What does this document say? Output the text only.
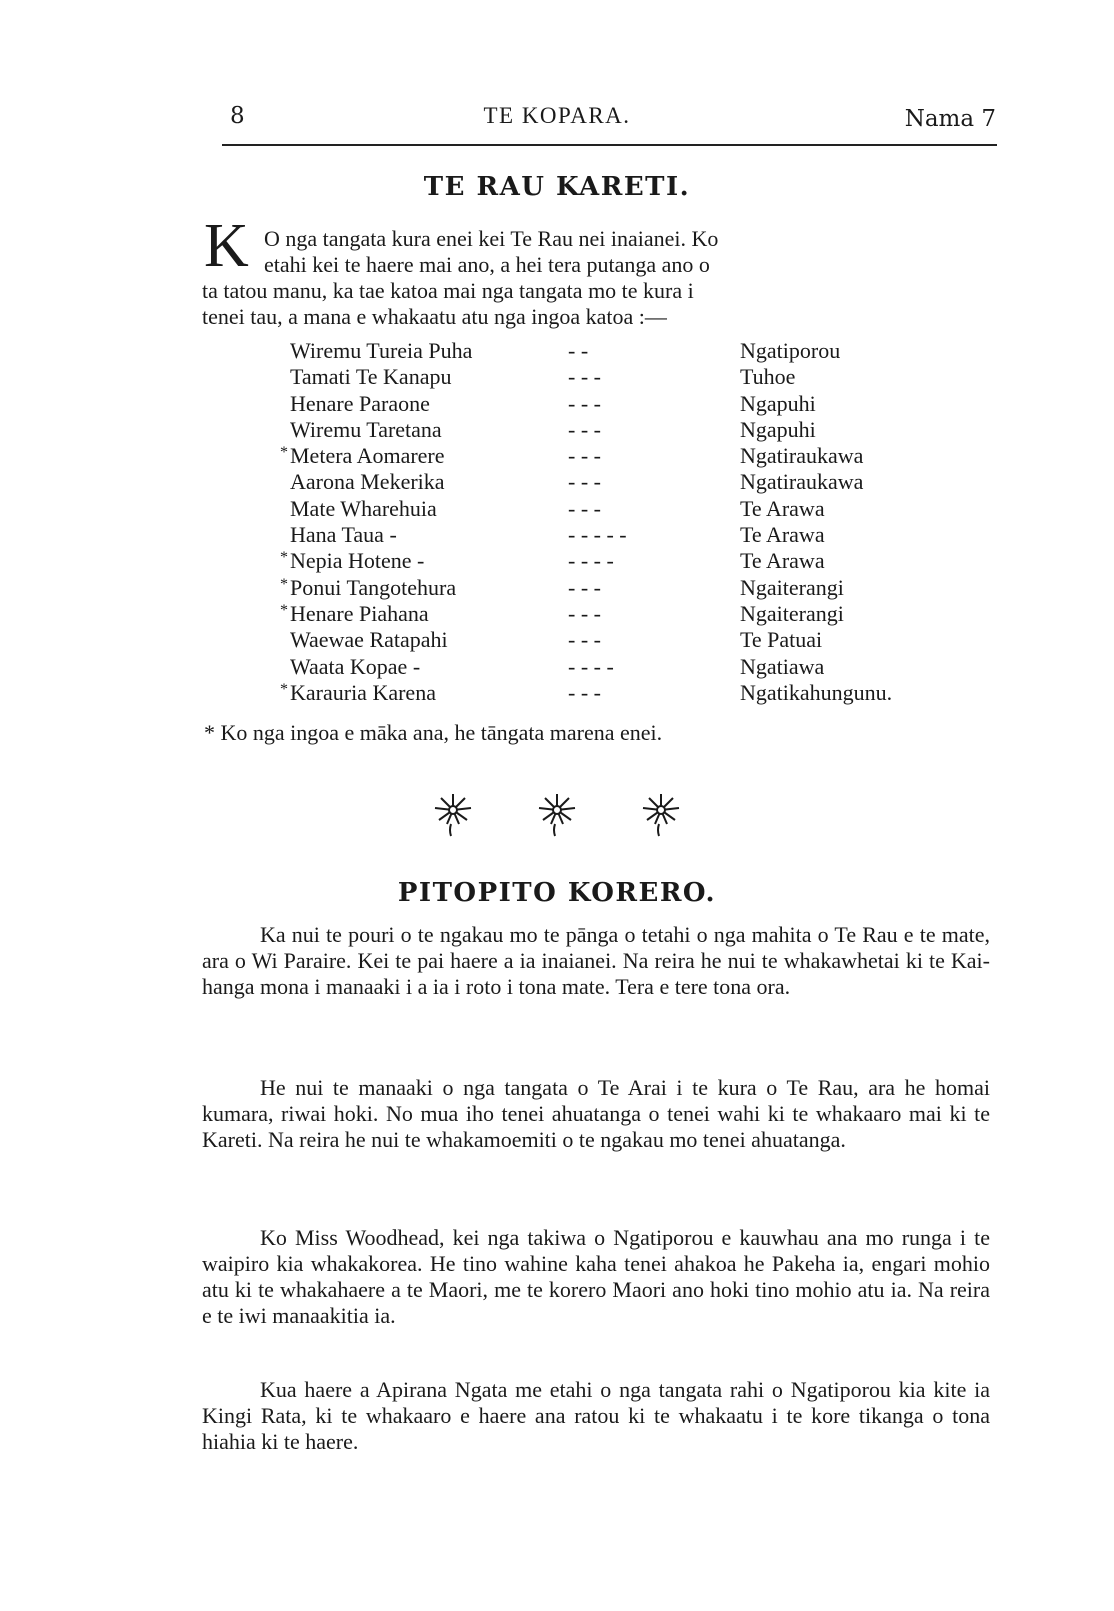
8	TE KOPARA.	Nama 7
TE RAU KARETI.
K O nga tangata kura enei kei Te Rau nei inaianei. Ko
etahi kei te haere mai ano, a hei tera putanga ano o
ta tatou manu, ka tae katoa mai nga tangata mo te kura i
tenei tau, a mana e whakaatu atu nga ingoa katoa :—
Wiremu Tureia Puha	- -	Ngatiporou
Tamati Te Kanapu	- - -	Tuhoe
Henare Paraone	- - -	Ngapuhi
Wiremu Taretana	- - -	Ngapuhi
* Metera Aomarere	- - -	Ngatiraukawa
Aarona Mekerika	- - -	Ngatiraukawa
Mate Wharehuia	- - -	Te Arawa
Hana Taua -	- - - - -	Te Arawa
* Nepia Hotene -	- - - -	Te Arawa
* Ponui Tangotehura	- - -	Ngaiterangi
* Henare Piahana	- - -	Ngaiterangi
Waewae Ratapahi	- - -	Te Patuai
Waata Kopae -	- - - -	Ngatiawa
* Karauria Karena	- - -	Ngatikahungunu.
* Ko nga ingoa e māka ana, he tāngata marena enei.
PITOPITO KORERO.

Ka nui te pouri o te ngakau mo te pānga o tetahi o nga mahita o Te Rau e te mate, ara o Wi Paraire. Kei te pai haere a ia inaianei. Na reira he nui te whakawhetai ki te Kai-hanga mona i manaaki i a ia i roto i tona mate. Tera e tere tona ora.

He nui te manaaki o nga tangata o Te Arai i te kura o Te Rau, ara he homai kumara, riwai hoki. No mua iho tenei ahuatanga o tenei wahi ki te whakaaro mai ki te Kareti. Na reira he nui te whakamoemiti o te ngakau mo tenei ahuatanga.

Ko Miss Woodhead, kei nga takiwa o Ngatiporou e kauwhau ana mo runga i te waipiro kia whakakorea. He tino wahine kaha tenei ahakoa he Pakeha ia, engari mohio atu ki te whakahaere a te Maori, me te korero Maori ano hoki tino mohio atu ia. Na reira e te iwi manaakitia ia.

Kua haere a Apirana Ngata me etahi o nga tangata rahi o Ngatiporou kia kite ia Kingi Rata, ki te whakaaro e haere ana ratou ki te whakaatu i te kore tikanga o tona hiahia ki te haere.
